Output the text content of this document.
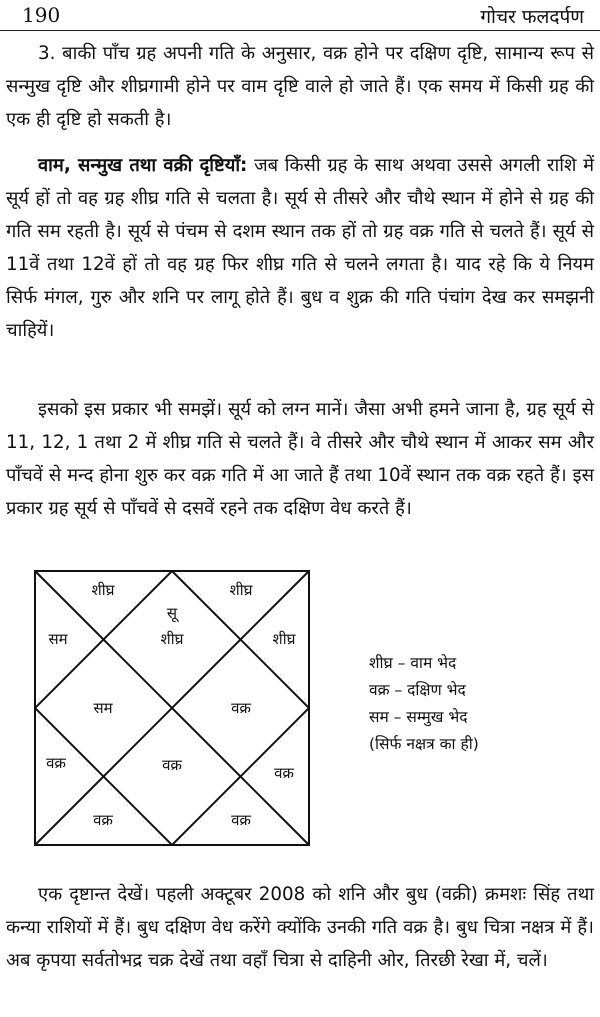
190	गोचर फलदर्पण

3. बाकी पाँच ग्रह अपनी गति के अनुसार, वक्र होने पर दक्षिण दृष्टि, सामान्य रूप से सन्मुख दृष्टि और शीघ्रगामी होने पर वाम दृष्टि वाले हो जाते हैं। एक समय में किसी ग्रह की एक ही दृष्टि हो सकती है।

वाम, सन्मुख तथा वक्री दृष्टियाँ: जब किसी ग्रह के साथ अथवा उससे अगली राशि में सूर्य हों तो वह ग्रह शीघ्र गति से चलता है। सूर्य से तीसरे और चौथे स्थान में होने से ग्रह की गति सम रहती है। सूर्य से पंचम से दशम स्थान तक हों तो ग्रह वक्र गति से चलते हैं। सूर्य से 11वें तथा 12वें हों तो वह ग्रह फिर शीघ्र गति से चलने लगता है। याद रहे कि ये नियम सिर्फ मंगल, गुरु और शनि पर लागू होते हैं। बुध व शुक्र की गति पंचांग देख कर समझनी चाहियें।

इसको इस प्रकार भी समझें। सूर्य को लग्न मानें। जैसा अभी हमने जाना है, ग्रह सूर्य से 11, 12, 1 तथा 2 में शीघ्र गति से चलते हैं। वे तीसरे और चौथे स्थान में आकर सम और पाँचवें से मन्द होना शुरु कर वक्र गति में आ जाते हैं तथा 10वें स्थान तक वक्र रहते हैं। इस प्रकार ग्रह सूर्य से पाँचवें से दसवें रहने तक दक्षिण वेध करते हैं।

सू
शीघ्र
शीघ्र
सम
सम
वक्र
वक्र
वक्र
वक्र
वक्र
वक्र
शीघ्र
शीघ्र
शीघ्र – वाम भेद
वक्र – दक्षिण भेद
सम – सम्मुख भेद
(सिर्फ नक्षत्र का ही)

एक दृष्टान्त देखें। पहली अक्टूबर 2008 को शनि और बुध (वक्री) क्रमशः सिंह तथा कन्या राशियों में हैं। बुध दक्षिण वेध करेंगे क्योंकि उनकी गति वक्र है। बुध चित्रा नक्षत्र में हैं। अब कृपया सर्वतोभद्र चक्र देखें तथा वहाँ चित्रा से दाहिनी ओर, तिरछी रेखा में, चलें।
